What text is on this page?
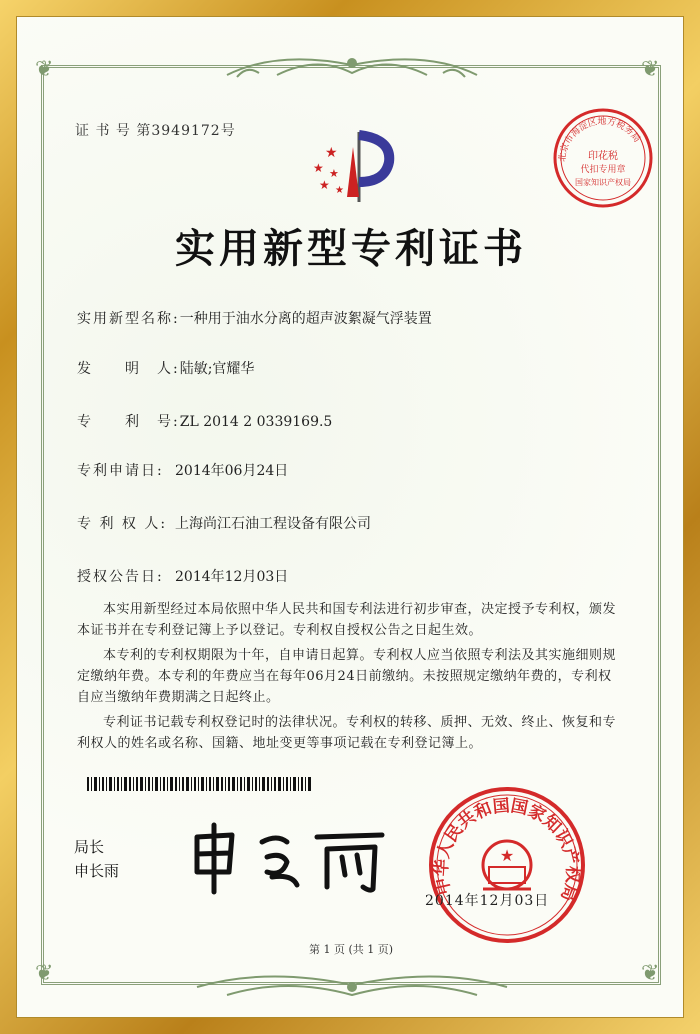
❦	❦
❦	❦
证 书 号 第3949172号
★
★ ★
★ ★
北京市海淀区地方税务局
印花税
代扣专用章
国家知识产权局
实用新型专利证书
实用新型名称:一种用于油水分离的超声波絮凝气浮装置
发　　明　人:陆敏;官耀华
专　　利　号:ZL 2014 2 0339169.5
专利申请日: 2014年06月24日
专 利 权 人: 上海尚江石油工程设备有限公司
授权公告日: 2014年12月03日
本实用新型经过本局依照中华人民共和国专利法进行初步审查，决定授予专利权，颁发本证书并在专利登记簿上予以登记。专利权自授权公告之日起生效。
本专利的专利权期限为十年，自申请日起算。专利权人应当依照专利法及其实施细则规定缴纳年费。本专利的年费应当在每年06月24日前缴纳。未按照规定缴纳年费的，专利权自应当缴纳年费期满之日起终止。
专利证书记载专利权登记时的法律状况。专利权的转移、质押、无效、终止、恢复和专利权人的姓名或名称、国籍、地址变更等事项记载在专利登记簿上。
局长
申长雨
中华人民共和国国家知识产权局
★
2014年12月03日
第 1 页 (共 1 页)
